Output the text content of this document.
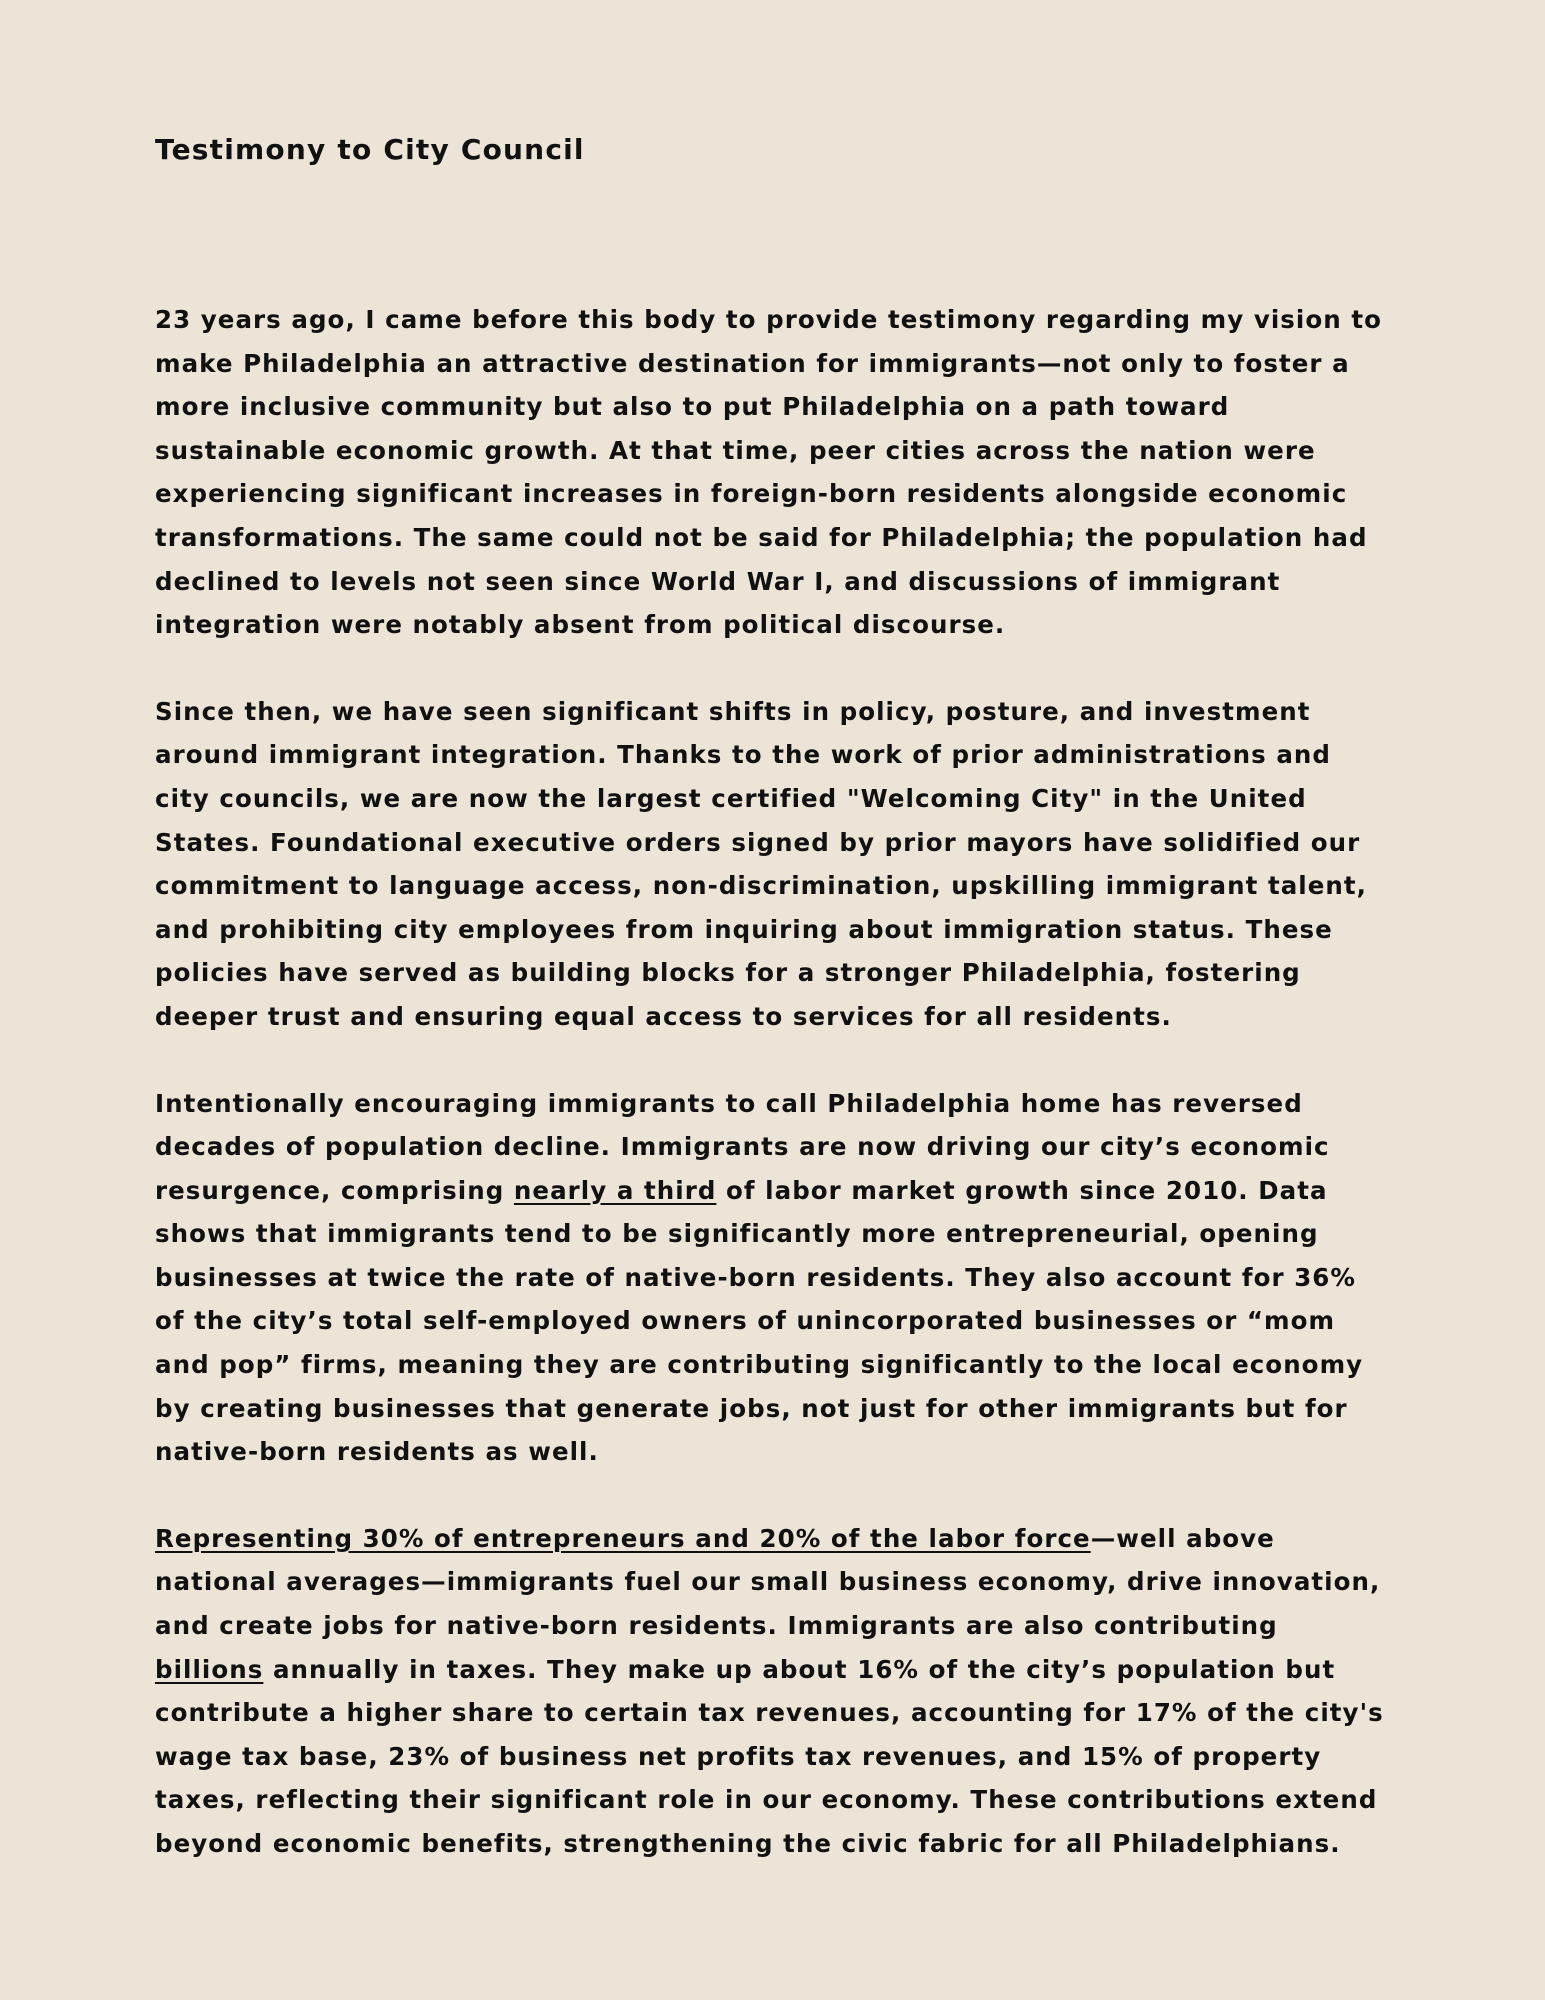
Testimony to City Council

23 years ago, I came before this body to provide testimony regarding my vision to make Philadelphia an attractive destination for immigrants—not only to foster a more inclusive community but also to put Philadelphia on a path toward sustainable economic growth. At that time, peer cities across the nation were experiencing significant increases in foreign-born residents alongside economic transformations. The same could not be said for Philadelphia; the population had declined to levels not seen since World War I, and discussions of immigrant integration were notably absent from political discourse.

Since then, we have seen significant shifts in policy, posture, and investment around immigrant integration. Thanks to the work of prior administrations and city councils, we are now the largest certified "Welcoming City" in the United States. Foundational executive orders signed by prior mayors have solidified our commitment to language access, non-discrimination, upskilling immigrant talent, and prohibiting city employees from inquiring about immigration status. These policies have served as building blocks for a stronger Philadelphia, fostering deeper trust and ensuring equal access to services for all residents.

Intentionally encouraging immigrants to call Philadelphia home has reversed decades of population decline. Immigrants are now driving our city’s economic resurgence, comprising nearly a third of labor market growth since 2010. Data shows that immigrants tend to be significantly more entrepreneurial, opening businesses at twice the rate of native-born residents. They also account for 36% of the city’s total self-employed owners of unincorporated businesses or “mom and pop” firms, meaning they are contributing significantly to the local economy by creating businesses that generate jobs, not just for other immigrants but for native-born residents as well.

Representing 30% of entrepreneurs and 20% of the labor force—well above national averages—immigrants fuel our small business economy, drive innovation, and create jobs for native-born residents. Immigrants are also contributing billions annually in taxes. They make up about 16% of the city’s population but contribute a higher share to certain tax revenues, accounting for 17% of the city's wage tax base, 23% of business net profits tax revenues, and 15% of property taxes, reflecting their significant role in our economy. These contributions extend beyond economic benefits, strengthening the civic fabric for all Philadelphians.
